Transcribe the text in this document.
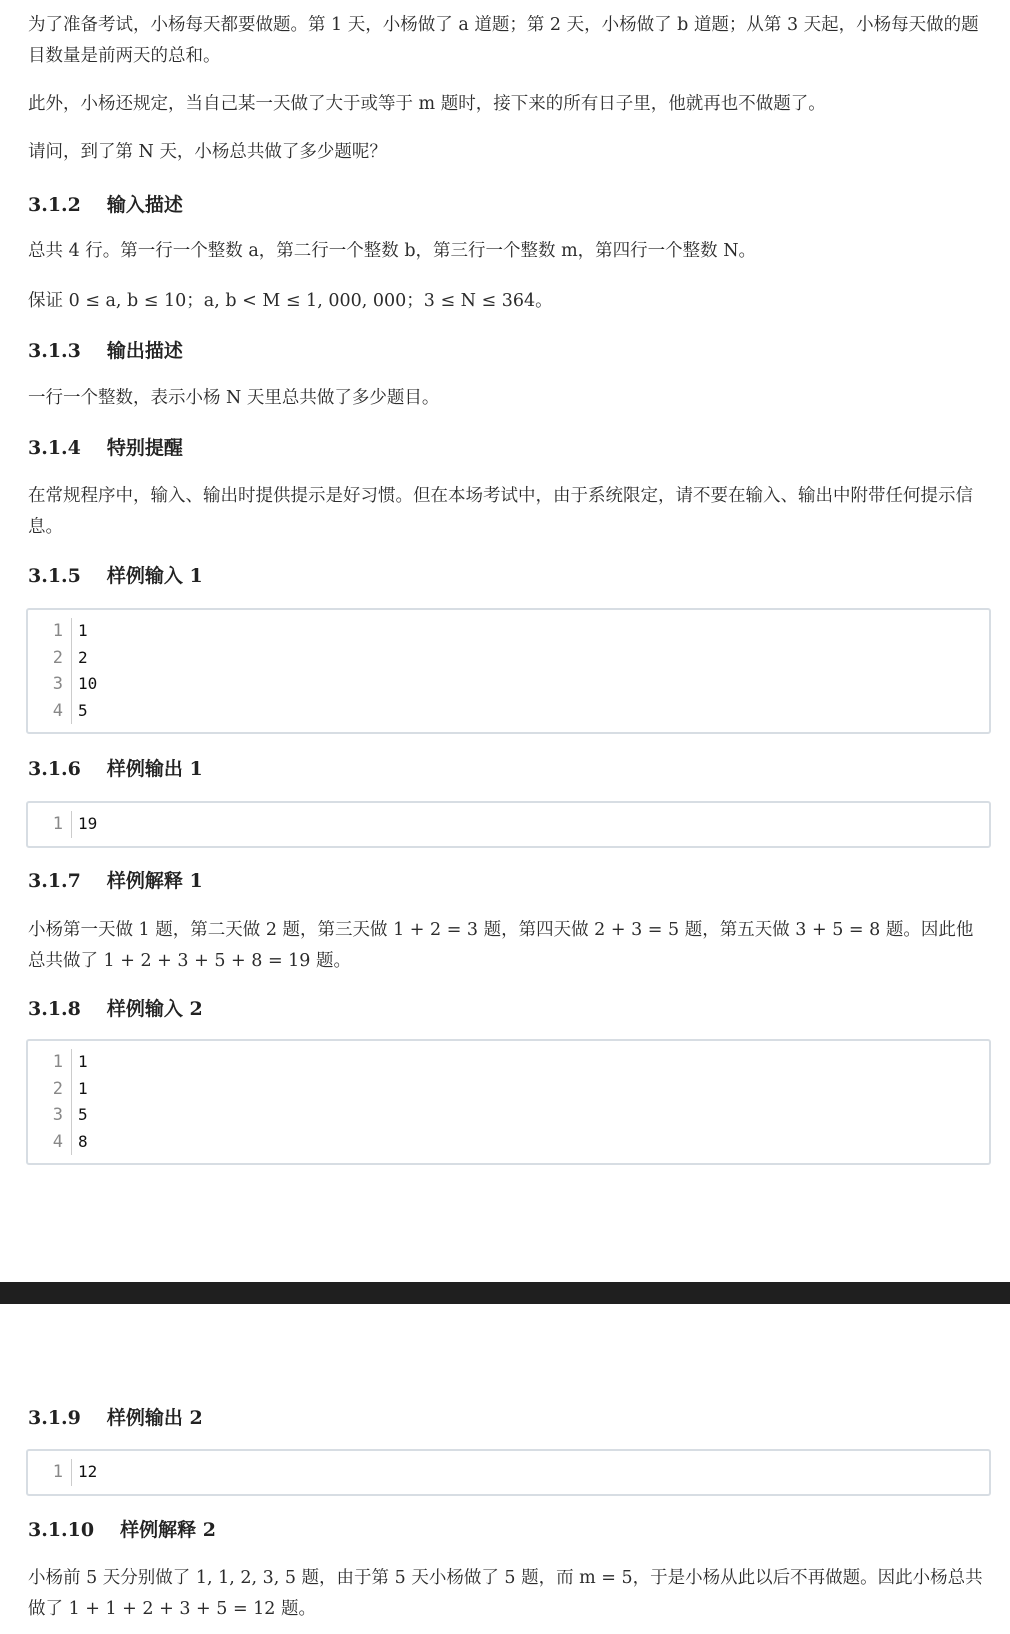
为了准备考试，小杨每天都要做题。第 1 天，小杨做了 a 道题；第 2 天，小杨做了 b 道题；从第 3 天起，小杨每天做的题目数量是前两天的总和。
此外，小杨还规定，当自己某一天做了大于或等于 m 题时，接下来的所有日子里，他就再也不做题了。
请问，到了第 N 天，小杨总共做了多少题呢？
3.1.2 输入描述
总共 4 行。第一行一个整数 a，第二行一个整数 b，第三行一个整数 m，第四行一个整数 N。
保证 0 ≤ a, b ≤ 10；a, b < M ≤ 1, 000, 000；3 ≤ N ≤ 364。
3.1.3 输出描述
一行一个整数，表示小杨 N 天里总共做了多少题目。
3.1.4 特别提醒
在常规程序中，输入、输出时提供提示是好习惯。但在本场考试中，由于系统限定，请不要在输入、输出中附带任何提示信息。
3.1.5 样例输入 1
1 1
2 2
3 10
4 5
3.1.6 样例输出 1
1 19
3.1.7 样例解释 1
小杨第一天做 1 题，第二天做 2 题，第三天做 1 + 2 = 3 题，第四天做 2 + 3 = 5 题，第五天做 3 + 5 = 8 题。因此他总共做了 1 + 2 + 3 + 5 + 8 = 19 题。
3.1.8 样例输入 2
1 1
2 1
3 5
4 8
3.1.9 样例输出 2
1 12
3.1.10 样例解释 2
小杨前 5 天分别做了 1, 1, 2, 3, 5 题，由于第 5 天小杨做了 5 题，而 m = 5，于是小杨从此以后不再做题。因此小杨总共做了 1 + 1 + 2 + 3 + 5 = 12 题。
